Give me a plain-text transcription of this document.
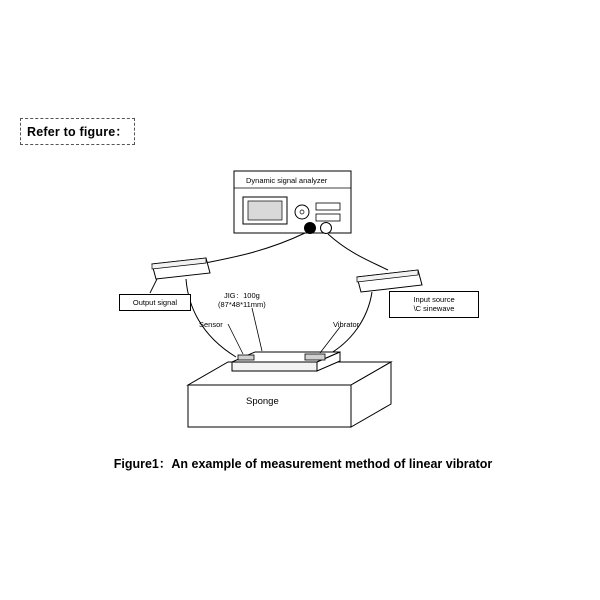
Refer to figure：
Dynamic signal analyzer
Output signal	Input source
\C sinewave
JIG：100g
(87*48*11mm)
Sensor	Vibrator
Sponge
Figure1：An example of measurement method of linear vibrator
